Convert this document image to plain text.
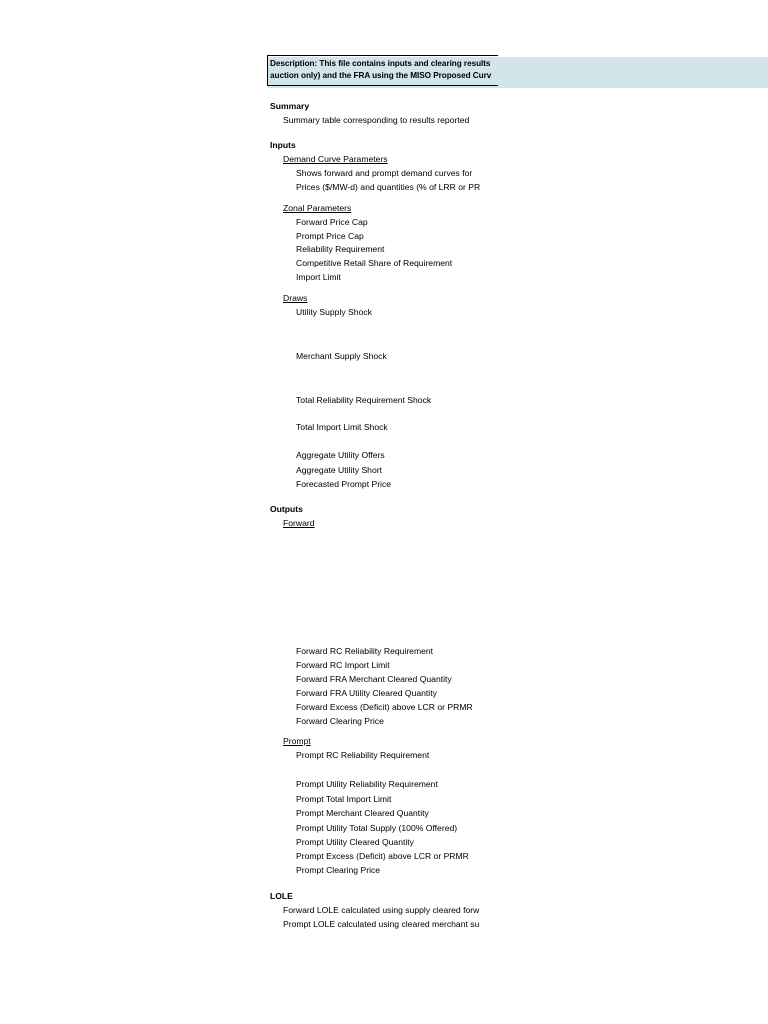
Description: This file contains inputs and clearing results
auction only) and the FRA using the MISO Proposed Curv
Summary
Summary table corresponding to results reported
Inputs
Demand Curve Parameters
Shows forward and prompt demand curves for
Prices ($/MW-d) and quantities (% of LRR or PR
Zonal Parameters
Forward Price Cap
Prompt Price Cap
Reliability Requirement
Competitive Retail Share of Requirement
Import Limit
Draws
Utility Supply Shock
Merchant Supply Shock
Total Reliability Requirement Shock
Total Import Limit Shock
Aggregate Utility Offers
Aggregate Utility Short
Forecasted Prompt Price
Outputs
Forward
Forward RC Reliability Requirement
Forward RC Import Limit
Forward FRA Merchant Cleared Quantity
Forward FRA Utility Cleared Quantity
Forward Excess (Deficit) above LCR or PRMR
Forward Clearing Price
Prompt
Prompt RC Reliability Requirement
Prompt Utility Reliability Requirement
Prompt Total Import Limit
Prompt Merchant Cleared Quantity
Prompt Utility Total Supply (100% Offered)
Prompt Utility Cleared Quantity
Prompt Excess (Deficit) above LCR or PRMR
Prompt Clearing Price
LOLE
Forward LOLE calculated using supply cleared forw
Prompt LOLE calculated using cleared merchant su
